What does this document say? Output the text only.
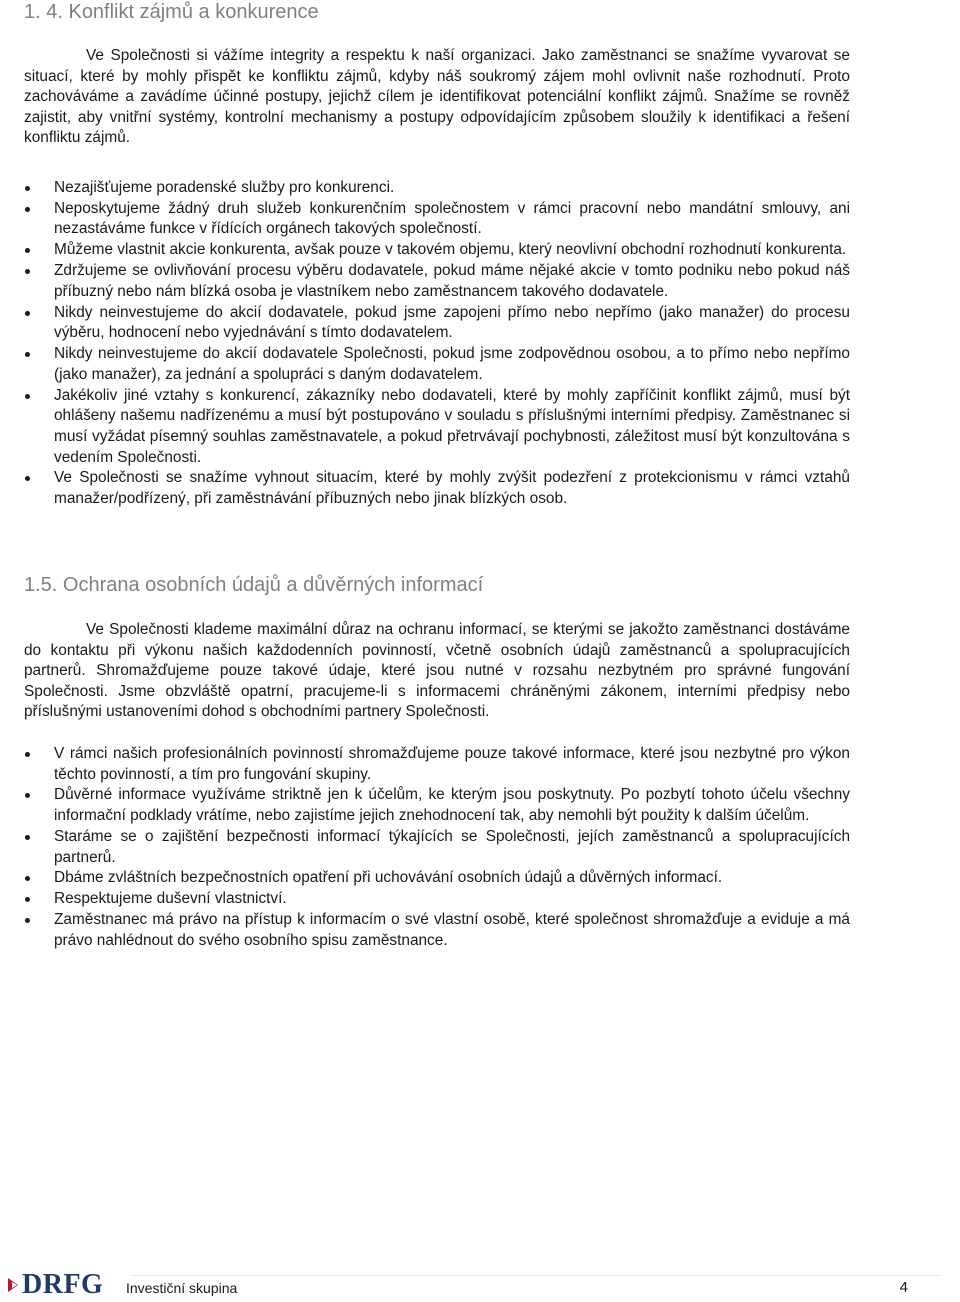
1. 4. Konflikt zájmů a konkurence

Ve Společnosti si vážíme integrity a respektu k naší organizaci. Jako zaměstnanci se snažíme vyvarovat se situací, které by mohly přispět ke konfliktu zájmů, kdyby náš soukromý zájem mohl ovlivnit naše rozhodnutí. Proto zachováváme a zavádíme účinné postupy, jejichž cílem je identifikovat potenciální konflikt zájmů. Snažíme se rovněž zajistit, aby vnitřní systémy, kontrolní mechanismy a postupy odpovídajícím způsobem sloužily k identifikaci a řešení konfliktu zájmů.

Nezajišťujeme poradenské služby pro konkurenci.
Neposkytujeme žádný druh služeb konkurenčním společnostem v rámci pracovní nebo mandátní smlouvy, ani nezastáváme funkce v řídících orgánech takových společností.
Můžeme vlastnit akcie konkurenta, avšak pouze v takovém objemu, který neovlivní obchodní rozhodnutí konkurenta.
Zdržujeme se ovlivňování procesu výběru dodavatele, pokud máme nějaké akcie v tomto podniku nebo pokud náš příbuzný nebo nám blízká osoba je vlastníkem nebo zaměstnancem takového dodavatele.
Nikdy neinvestujeme do akcií dodavatele, pokud jsme zapojeni přímo nebo nepřímo (jako manažer) do procesu výběru, hodnocení nebo vyjednávání s tímto dodavatelem.
Nikdy neinvestujeme do akcií dodavatele Společnosti, pokud jsme zodpovědnou osobou, a to přímo nebo nepřímo (jako manažer), za jednání a spolupráci s daným dodavatelem.
Jakékoliv jiné vztahy s konkurencí, zákazníky nebo dodavateli, které by mohly zapříčinit konflikt zájmů, musí být ohlášeny našemu nadřízenému a musí být postupováno v souladu s příslušnými interními předpisy. Zaměstnanec si musí vyžádat písemný souhlas zaměstnavatele, a pokud přetrvávají pochybnosti, záležitost musí být konzultována s vedením Společnosti.
Ve Společnosti se snažíme vyhnout situacím, které by mohly zvýšit podezření z protekcionismu v rámci vztahů manažer/podřízený, při zaměstnávání příbuzných nebo jinak blízkých osob.
1.5. Ochrana osobních údajů a důvěrných informací

Ve Společnosti klademe maximální důraz na ochranu informací, se kterými se jakožto zaměstnanci dostáváme do kontaktu při výkonu našich každodenních povinností, včetně osobních údajů zaměstnanců a spolupracujících partnerů. Shromažďujeme pouze takové údaje, které jsou nutné v rozsahu nezbytném pro správné fungování Společnosti. Jsme obzvláště opatrní, pracujeme-li s informacemi chráněnými zákonem, interními předpisy nebo příslušnými ustanoveními dohod s obchodními partnery Společnosti.

V rámci našich profesionálních povinností shromažďujeme pouze takové informace, které jsou nezbytné pro výkon těchto povinností, a tím pro fungování skupiny.
Důvěrné informace využíváme striktně jen k účelům, ke kterým jsou poskytnuty. Po pozbytí tohoto účelu všechny informační podklady vrátíme, nebo zajistíme jejich znehodnocení tak, aby nemohli být použity k dalším účelům.
Staráme se o zajištění bezpečnosti informací týkajících se Společnosti, jejích zaměstnanců a spolupracujících partnerů.
Dbáme zvláštních bezpečnostních opatření při uchovávání osobních údajů a důvěrných informací.
Respektujeme duševní vlastnictví.
Zaměstnanec má právo na přístup k informacím o své vlastní osobě, které společnost shromažďuje a eviduje a má právo nahlédnout do svého osobního spisu zaměstnance.
DRFG Investiční skupina	4
